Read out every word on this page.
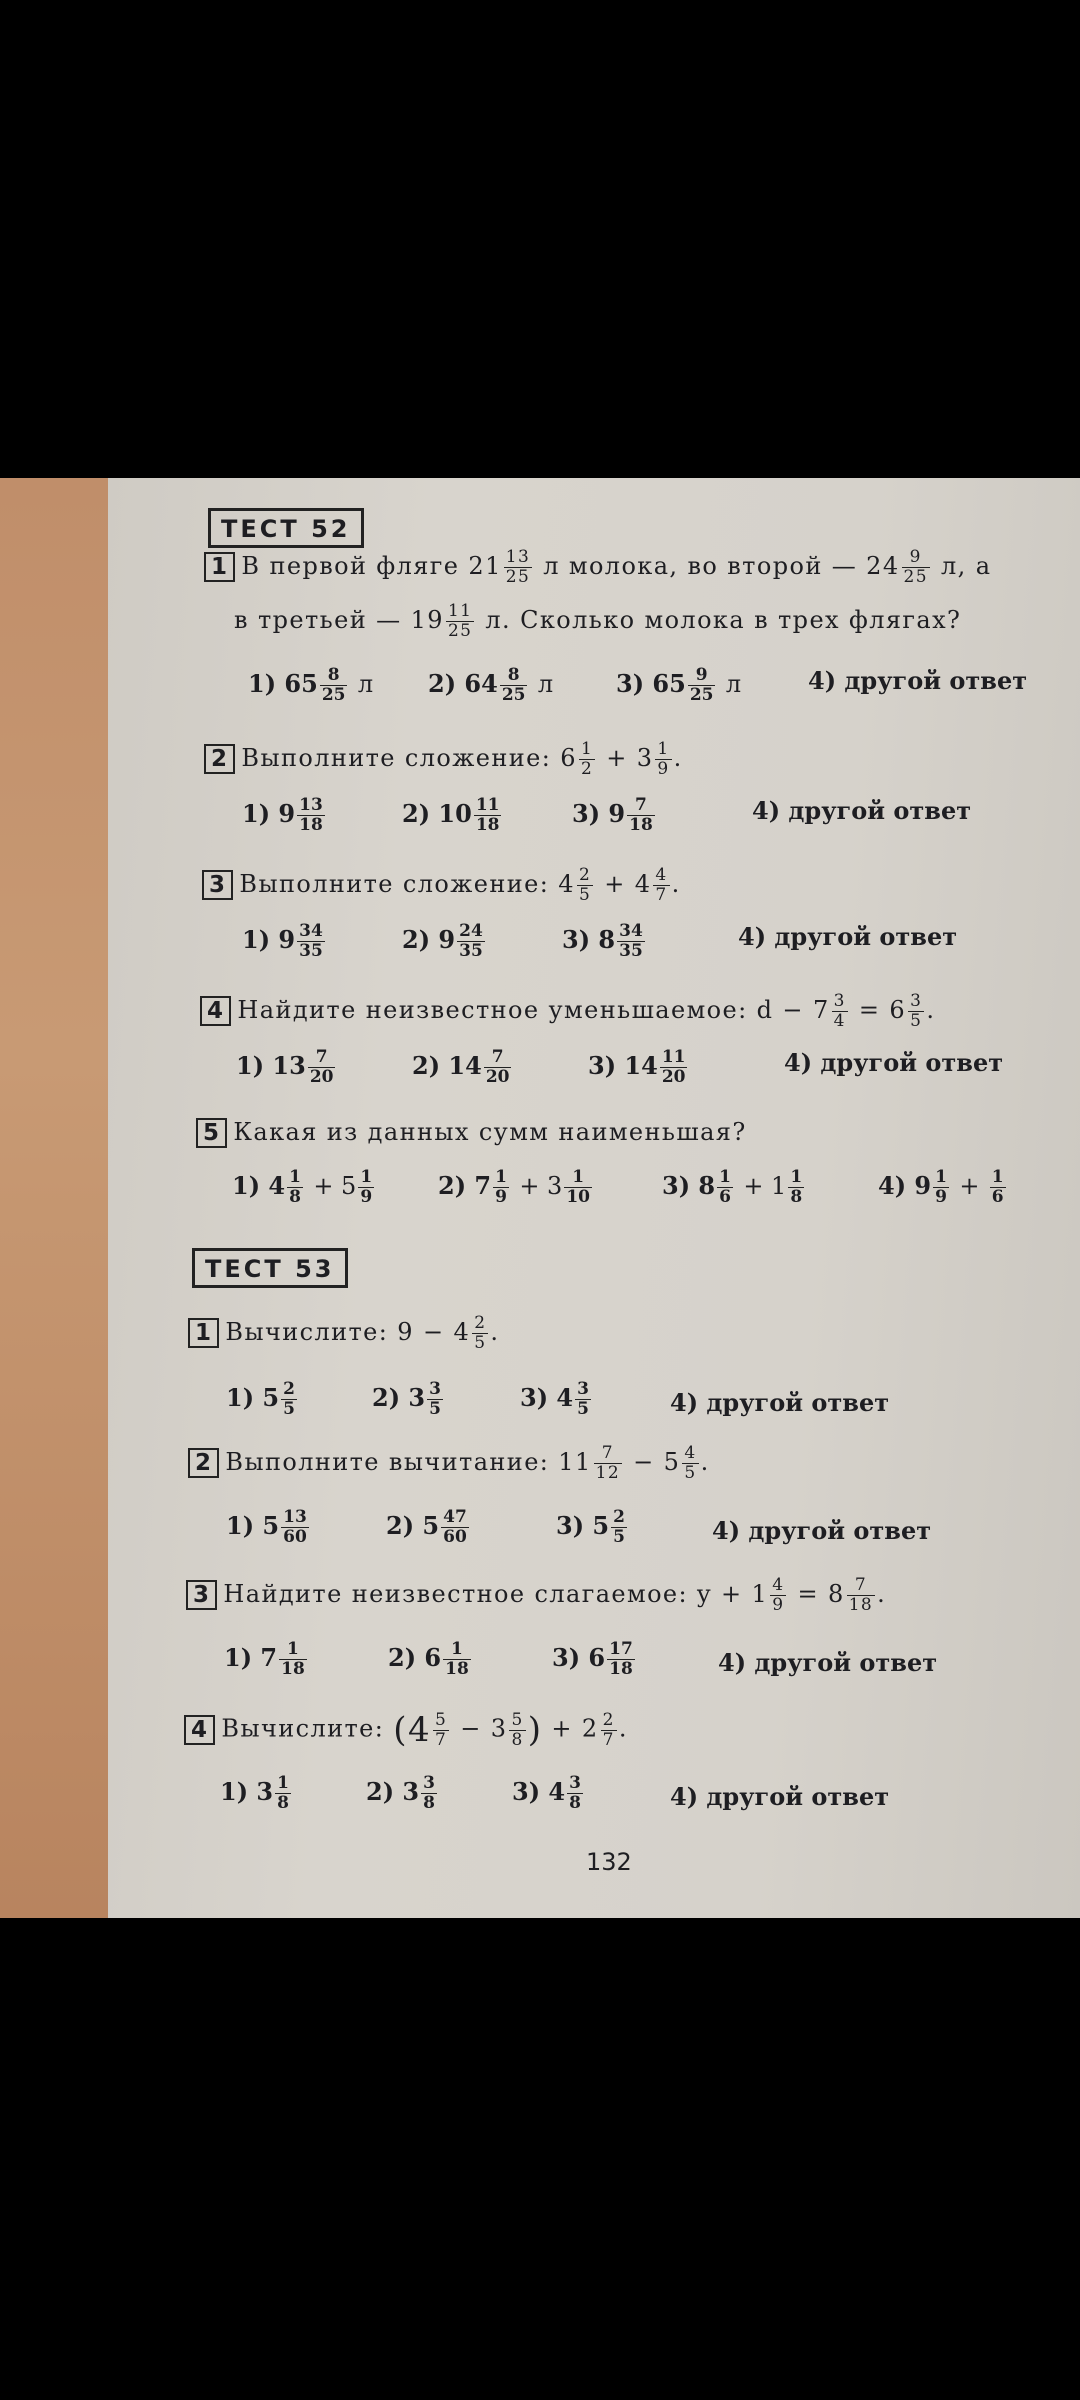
ТЕСТ 52
1 В первой фляге $21 \frac{13}{25}$ л молока, во второй — $24 \frac{9}{25} л$, а
в третьей — $19 \frac{11}{25} л$. Сколько молока в трех флягах?
1) $65 \frac{8}{25}$ л 2) $64 \frac{8}{25}$ л	3) $65 \frac{9}{25}$ л	4) другой ответ
2 Выполните сложение: $6 \frac{1}{2} + 3 \frac{1}{9}$ .
1) $9 \frac{13}{18}$	2) $10 \frac{11}{18}$	3) $9 \frac{7}{18}$	4) другой ответ
3 Выполните сложение: $4 \frac{2}{5} + 4 \frac{4}{7}$ .
1) $9 \frac{34}{35}$	2) $9 \frac{24}{35}$	3) $8 \frac{34}{35}$	4) другой ответ
4 Найдите неизвестное уменьшаемое: $d - 7 \frac{3}{4} = 6 \frac{3}{5}$ .
1) $13 \frac{7}{20}$	2) $14 \frac{7}{20}$	3) $14 \frac{11}{20}$	4) другой ответ
5 Какая из данных сумм наименьшая?
1) $4 \frac{1}{8} + 5 \frac{1}{9}$	2) $7 \frac{1}{9} + 3 \frac{1}{10}$	3) $8 \frac{1}{6} + 1 \frac{1}{8}$	4) $9 \frac{1}{9} + \frac{1}{6}$
ТЕСТ 53
1 Вычислите: $9 - 4 \frac{2}{5}$ .
1) $5 \frac{2}{5}$	2) $3 \frac{3}{5}$	3) $4 \frac{3}{5}$	4) другой ответ
2 Выполните вычитание: $11 \frac{7}{12} - 5 \frac{4}{5}$ .
1) $5 \frac{13}{60}$	2) $5 \frac{47}{60}$	3) $5 \frac{2}{5}$	4) другой ответ
3 Найдите неизвестное слагаемое: $y + 1 \frac{4}{9} = 8 \frac{7}{18}$ .
1) $7 \frac{1}{18}$	2) $6 \frac{1}{18}$	3) $6 \frac{17}{18}$	4) другой ответ
4 Вычислите: ($4 \frac{5}{7} - 3 \frac{5}{8}$ ) + $2 \frac{2}{7}$ .
1) $3 \frac{1}{8}$	2) $3 \frac{3}{8}$	3) $4 \frac{3}{8}$	4) другой ответ
132
